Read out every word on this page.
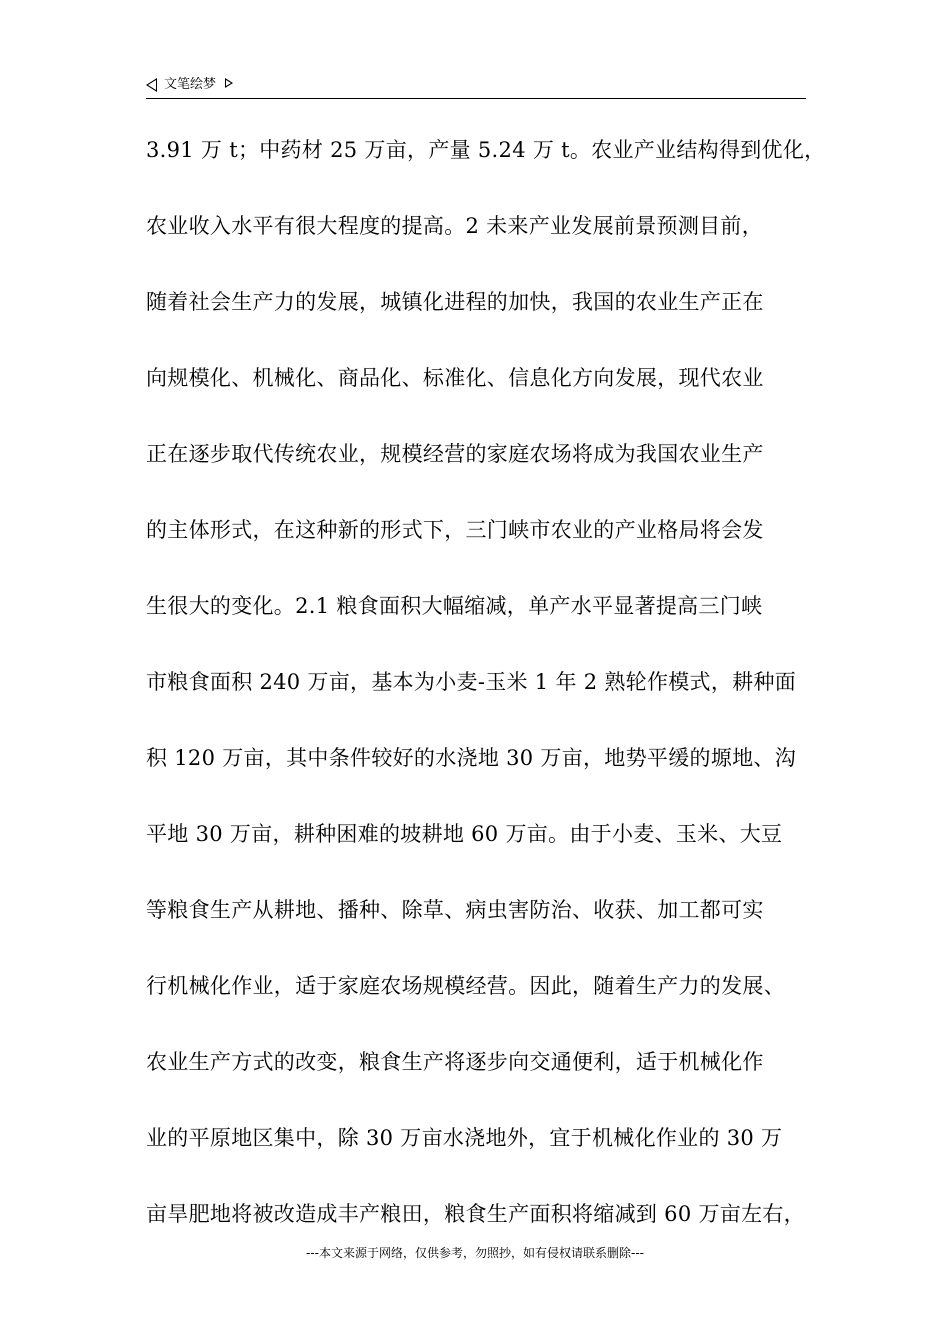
文笔绘梦
3.91 万 t；中药材 25 万亩，产量 5.24 万 t。农业产业结构得到优化，
农业收入水平有很大程度的提高。2 未来产业发展前景预测目前，
随着社会生产力的发展，城镇化进程的加快，我国的农业生产正在
向规模化、机械化、商品化、标准化、信息化方向发展，现代农业
正在逐步取代传统农业，规模经营的家庭农场将成为我国农业生产
的主体形式，在这种新的形式下，三门峡市农业的产业格局将会发
生很大的变化。2.1 粮食面积大幅缩减，单产水平显著提高三门峡
市粮食面积 240 万亩，基本为小麦-玉米 1 年 2 熟轮作模式，耕种面
积 120 万亩，其中条件较好的水浇地 30 万亩，地势平缓的塬地、沟
平地 30 万亩，耕种困难的坡耕地 60 万亩。由于小麦、玉米、大豆
等粮食生产从耕地、播种、除草、病虫害防治、收获、加工都可实
行机械化作业，适于家庭农场规模经营。因此，随着生产力的发展、
农业生产方式的改变，粮食生产将逐步向交通便利，适于机械化作
业的平原地区集中，除 30 万亩水浇地外，宜于机械化作业的 30 万
亩旱肥地将被改造成丰产粮田，粮食生产面积将缩减到 60 万亩左右，
---本文来源于网络，仅供参考，勿照抄，如有侵权请联系删除---
